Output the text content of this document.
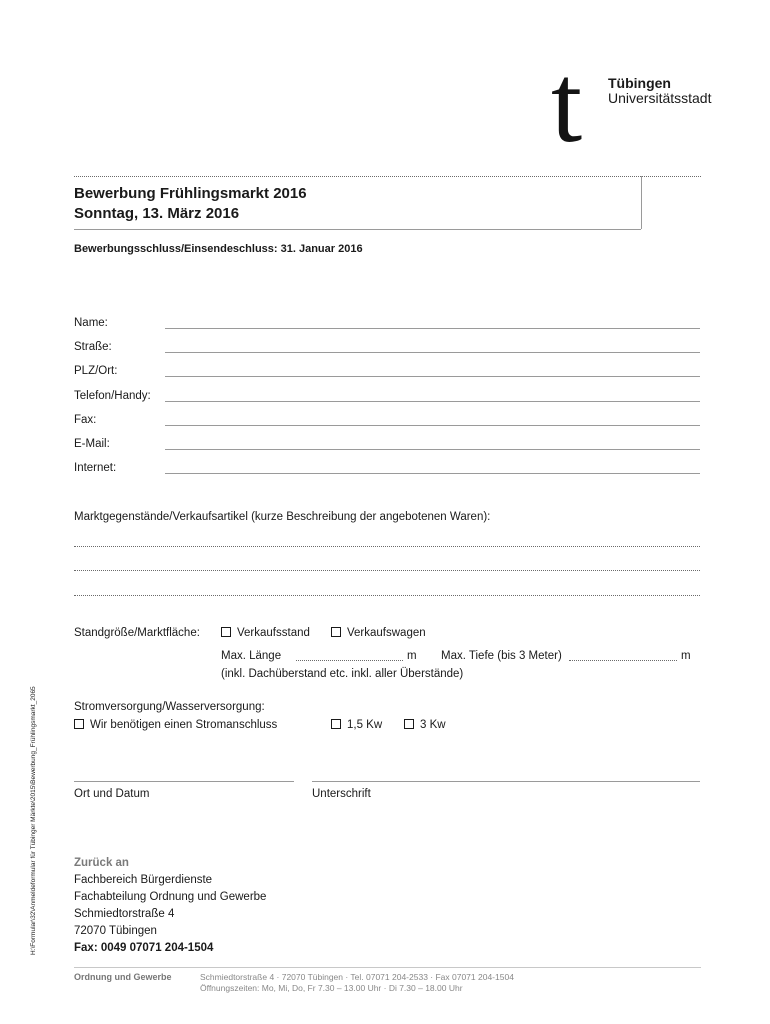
t Tübingen
Universitätsstadt
Bewerbung Frühlingsmarkt 2016
Sonntag, 13. März 2016
Bewerbungsschluss/Einsendeschluss: 31. Januar 2016
Name:
Straße:
PLZ/Ort:
Telefon/Handy:
Fax:
E-Mail:
Internet:
Marktgegenstände/Verkaufsartikel (kurze Beschreibung der angebotenen Waren):
Standgröße/Marktfläche:	Verkaufsstand	Verkaufswagen
Max. Länge	m Max. Tiefe (bis 3 Meter)	m
(inkl. Dachüberstand etc. inkl. aller Überstände)
Stromversorgung/Wasserversorgung:
Wir benötigen einen Stromanschluss	1,5 Kw	3 Kw
Ort und Datum	Unterschrift
Zurück an
Fachbereich Bürgerdienste
Fachabteilung Ordnung und Gewerbe
Schmiedtorstraße 4
72070 Tübingen
Fax: 0049 07071 204-1504
H:\Formular\32\Anmeldeformular für Tübinger Märkte\2015\Bewerbung_Frühlingsmarkt_2065
Ordnung und Gewerbe	Schmiedtorstraße 4 · 72070 Tübingen · Tel. 07071 204-2533 · Fax 07071 204-1504
Öffnungszeiten: Mo, Mi, Do, Fr 7.30 – 13.00 Uhr · Di 7.30 – 18.00 Uhr
